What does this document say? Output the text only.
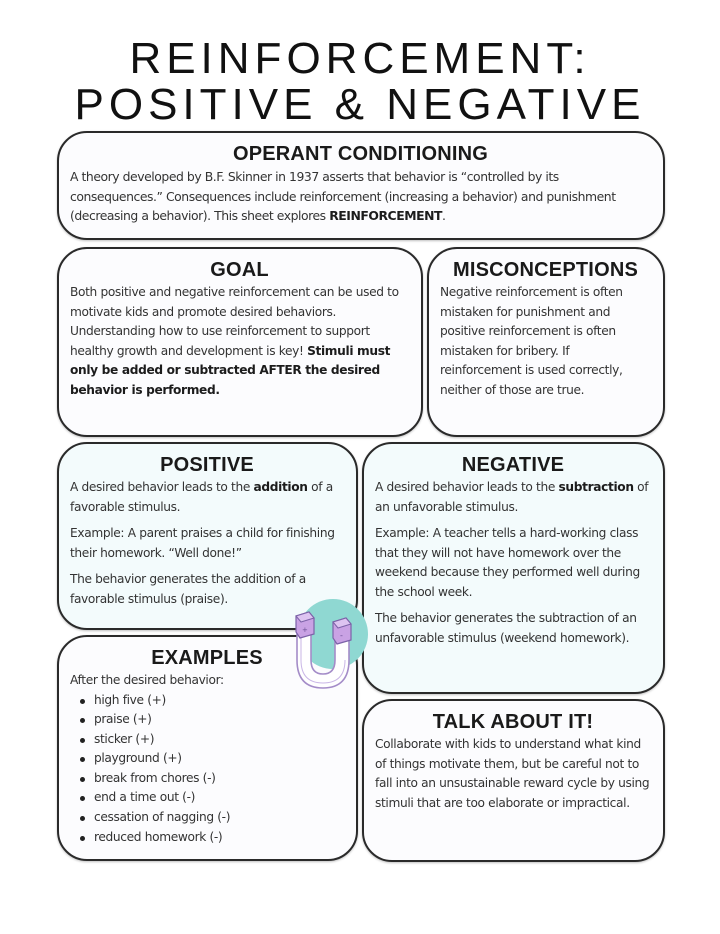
REINFORCEMENT:
POSITIVE & NEGATIVE
OPERANT CONDITIONING

A theory developed by B.F. Skinner in 1937 asserts that behavior is “controlled by its consequences.” Consequences include reinforcement (increasing a behavior) and punishment (decreasing a behavior). This sheet explores REINFORCEMENT.

GOAL

Both positive and negative reinforcement can be used to motivate kids and promote desired behaviors. Understanding how to use reinforcement to support healthy growth and development is key! Stimuli must only be added or subtracted AFTER the desired behavior is performed.

MISCONCEPTIONS

Negative reinforcement is often mistaken for punishment and positive reinforcement is often mistaken for bribery. If reinforcement is used correctly, neither of those are true.

POSITIVE

A desired behavior leads to the addition of a favorable stimulus.

Example: A parent praises a child for finishing their homework. “Well done!”

The behavior generates the addition of a favorable stimulus (praise).

NEGATIVE

A desired behavior leads to the subtraction of an unfavorable stimulus.

Example: A teacher tells a hard-working class that they will not have homework over the weekend because they performed well during the school week.

The behavior generates the subtraction of an unfavorable stimulus (weekend homework).

EXAMPLES
After the desired behavior:
high five (+)
praise (+)
sticker (+)
playground (+)
break from chores (-)
end a time out (-)
cessation of nagging (-)
reduced homework (-)
TALK ABOUT IT!

Collaborate with kids to understand what kind of things motivate them, but be careful not to fall into an unsustainable reward cycle by using stimuli that are too elaborate or impractical.

+
-
